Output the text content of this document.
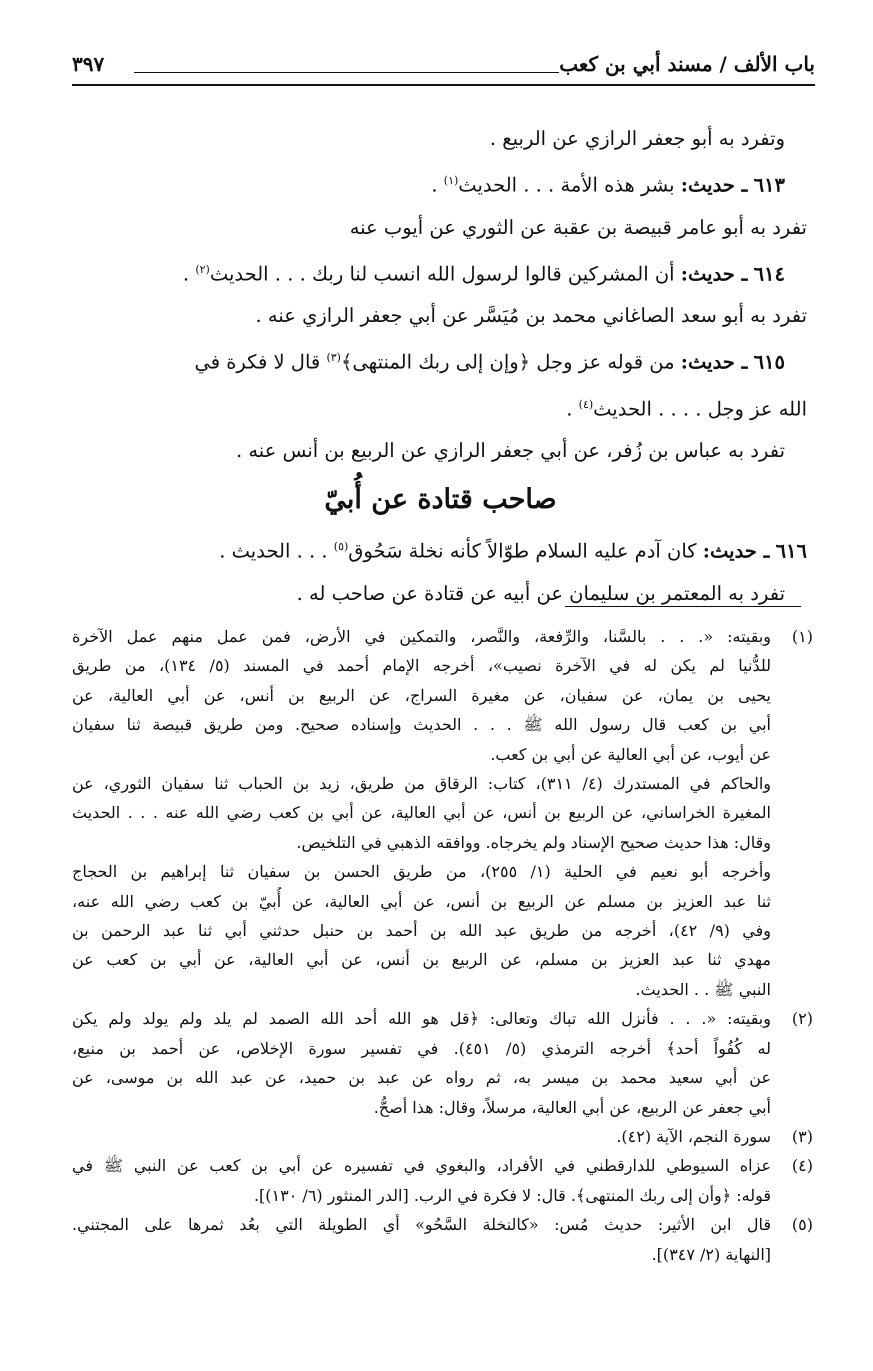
باب الألف / مسند أبي بن كعب
٣٩٧
وتفرد به أبو جعفر الرازي عن الربيع .
٦١٣ ـ حديث: بشر هذه الأمة . . . الحديث$^{(١)}$ .
تفرد به أبو عامر قبيصة بن عقبة عن الثوري عن أيوب عنه
٦١٤ ـ حديث: أن المشركين قالوا لرسول الله انسب لنا ربك . . . الحديث$^{(٢)}$ .
تفرد به أبو سعد الصاغاني محمد بن مُيَسَّر عن أبي جعفر الرازي عنه .
٦١٥ ـ حديث: من قوله عز وجل ﴿وإن إلى ربك المنتهى﴾$^{(٣)}$ قال لا فكرة في
الله عز وجل . . . . الحديث$^{(٤)}$ .
تفرد به عباس بن زُفر، عن أبي جعفر الرازي عن الربيع بن أنس عنه .
صاحب قتادة عن أُبيّ
٦١٦ ـ حديث: كان آدم عليه السلام طوّالاً كأنه نخلة سَحُوق$^{(٥)}$ . . . الحديث .
تفرد به المعتمر بن سليمان عن أبيه عن قتادة عن صاحب له .
(١)
وبقيته: «. . . بالسَّنا، والرِّفعة، والنَّصر، والتمكين في الأرض، فمن عمل منهم عمل الآخرة
للدُّنيا لم يكن له في الآخرة نصيب»، أخرجه الإمام أحمد في المسند (٥/ ١٣٤)، من طريق
يحيى بن يمان، عن سفيان، عن مغيرة السراج، عن الربيع بن أنس، عن أبي العالية، عن
أبي بن كعب قال رسول الله ﷺ . . . الحديث وإسناده صحيح. ومن طريق قبيصة ثنا سفيان
عن أيوب، عن أبي العالية عن أبي بن كعب.
والحاكم في المستدرك (٤/ ٣١١)، كتاب: الرقاق من طريق، زيد بن الحباب ثنا سفيان الثوري، عن
المغيرة الخراساني، عن الربيع بن أنس، عن أبي العالية، عن أبي بن كعب رضي الله عنه . . . الحديث
وقال: هذا حديث صحيح الإسناد ولم يخرجاه. ووافقه الذهبي في التلخيص.
وأخرجه أبو نعيم في الحلية (١/ ٢٥٥)، من طريق الحسن بن سفيان ثنا إبراهيم بن الحجاج
ثنا عبد العزيز بن مسلم عن الربيع بن أنس، عن أبي العالية، عن أُبيّ بن كعب رضي الله عنه،
وفي (٩/ ٤٢)، أخرجه من طريق عبد الله بن أحمد بن حنبل حدثني أبي ثنا عبد الرحمن بن
مهدي ثنا عبد العزيز بن مسلم، عن الربيع بن أنس، عن أبي العالية، عن أبي بن كعب عن
النبي ﷺ . . الحديث.
(٢)
وبقيته: «. . . فأنزل الله تباك وتعالى: ﴿قل هو الله أحد الله الصمد لم يلد ولم يولد ولم يكن
له كُفُواً أحد﴾ أخرجه الترمذي (٥/ ٤٥١). في تفسير سورة الإخلاص، عن أحمد بن منيع،
عن أبي سعيد محمد بن ميسر به، ثم رواه عن عبد بن حميد، عن عبد الله بن موسى، عن
أبي جعفر عن الربيع، عن أبي العالية، مرسلاً، وقال: هذا أصحُّ.
(٣)
سورة النجم، الآية (٤٢).
(٤)
عزاه السيوطي للدارقطني في الأفراد، والبغوي في تفسيره عن أبي بن كعب عن النبي ﷺ في
قوله: ﴿وأن إلى ربك المنتهى﴾. قال: لا فكرة في الرب. [الدر المنثور (٦/ ١٣٠)].
(٥)
قال ابن الأثير: حديث مُس: «كالنخلة السَّحُو» أي الطويلة التي بعُد ثمرها على المجتني.
[النهاية (٢/ ٣٤٧)].
